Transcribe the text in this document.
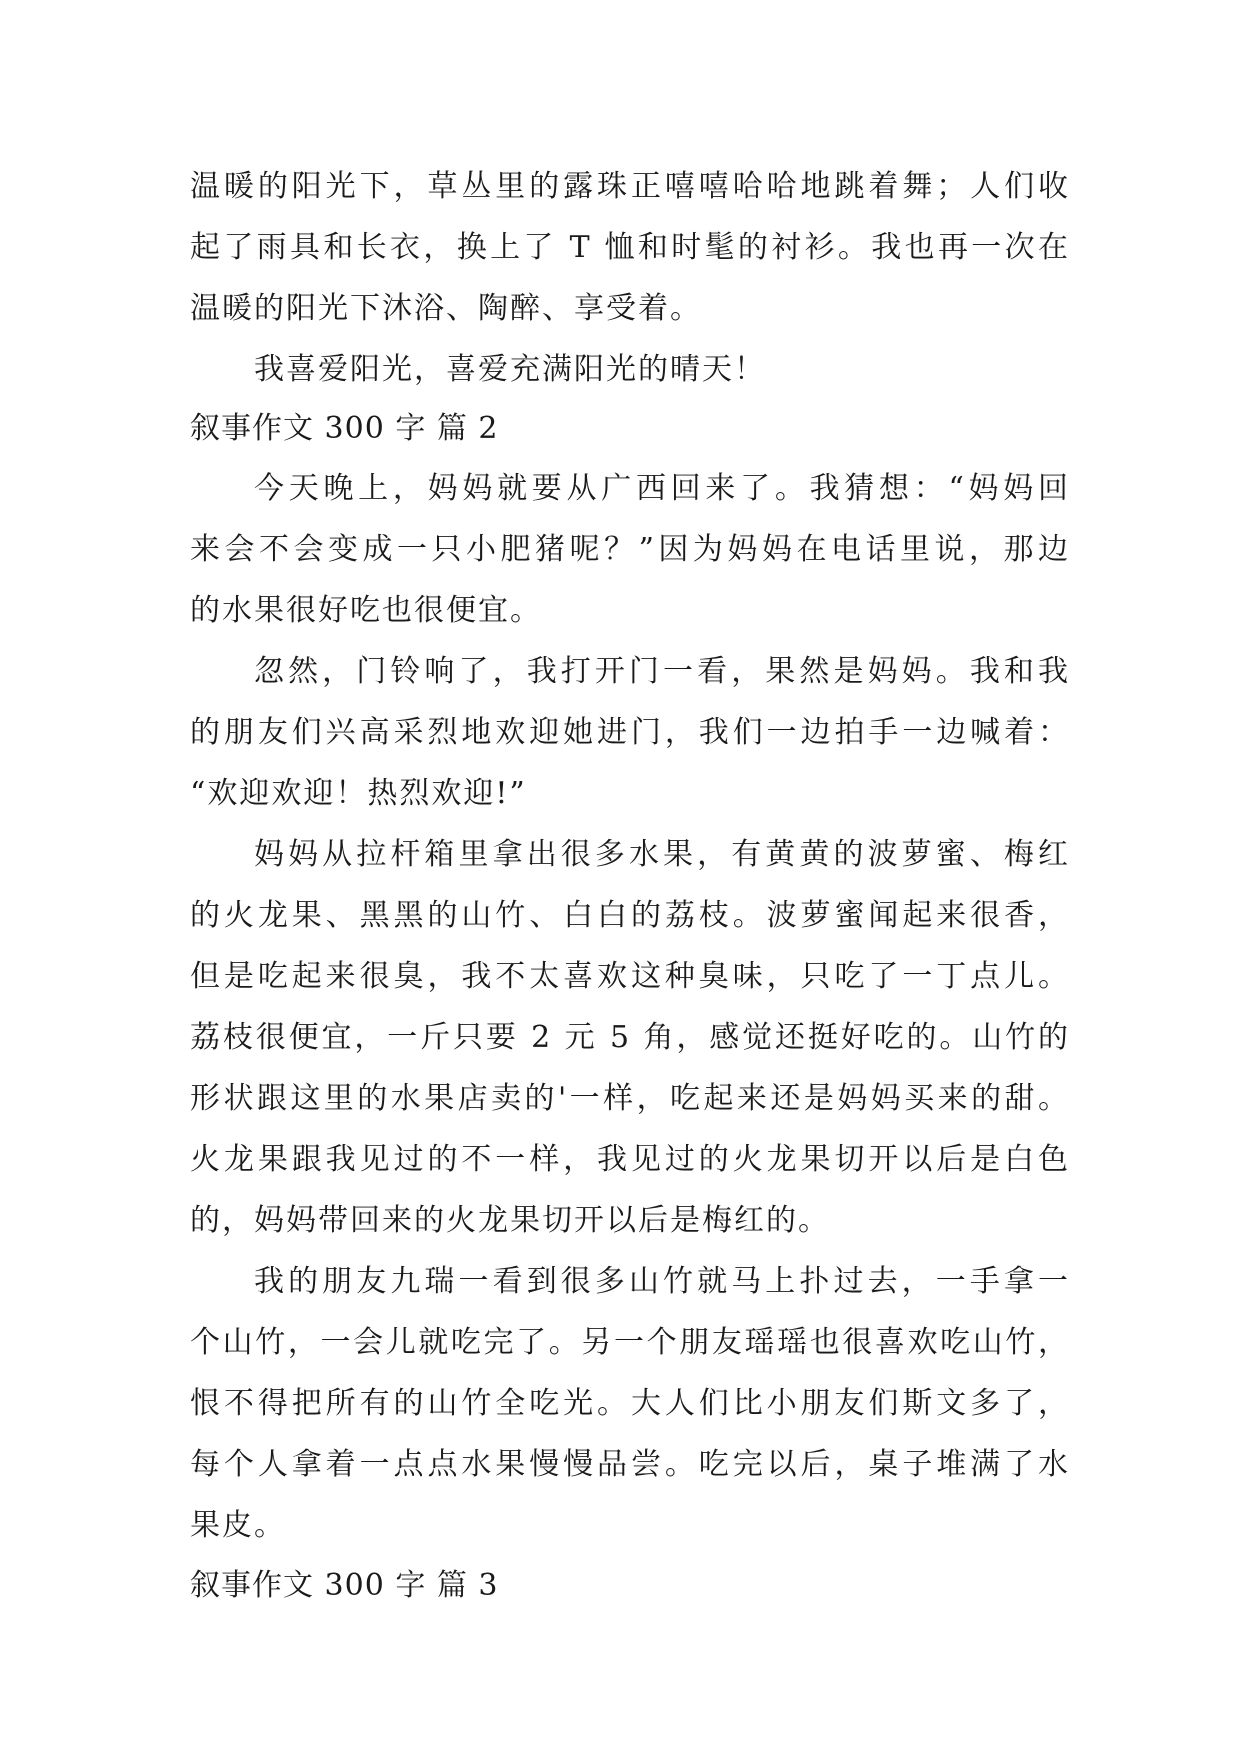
温暖的阳光下，草丛里的露珠正嘻嘻哈哈地跳着舞；人们收
起了雨具和长衣，换上了 T 恤和时髦的衬衫。我也再一次在
温暖的阳光下沐浴、陶醉、享受着。
我喜爱阳光，喜爱充满阳光的晴天！
叙事作文 300 字 篇 2
今天晚上，妈妈就要从广西回来了。我猜想：“妈妈回
来会不会变成一只小肥猪呢？”因为妈妈在电话里说，那边
的水果很好吃也很便宜。
忽然，门铃响了，我打开门一看，果然是妈妈。我和我
的朋友们兴高采烈地欢迎她进门，我们一边拍手一边喊着：
“欢迎欢迎！热烈欢迎!”
妈妈从拉杆箱里拿出很多水果，有黄黄的波萝蜜、梅红
的火龙果、黑黑的山竹、白白的荔枝。波萝蜜闻起来很香，
但是吃起来很臭，我不太喜欢这种臭味，只吃了一丁点儿。
荔枝很便宜，一斤只要 2 元 5 角，感觉还挺好吃的。山竹的
形状跟这里的水果店卖的'一样，吃起来还是妈妈买来的甜。
火龙果跟我见过的不一样，我见过的火龙果切开以后是白色
的，妈妈带回来的火龙果切开以后是梅红的。
我的朋友九瑞一看到很多山竹就马上扑过去，一手拿一
个山竹，一会儿就吃完了。另一个朋友瑶瑶也很喜欢吃山竹，
恨不得把所有的山竹全吃光。大人们比小朋友们斯文多了，
每个人拿着一点点水果慢慢品尝。吃完以后，桌子堆满了水
果皮。
叙事作文 300 字 篇 3
